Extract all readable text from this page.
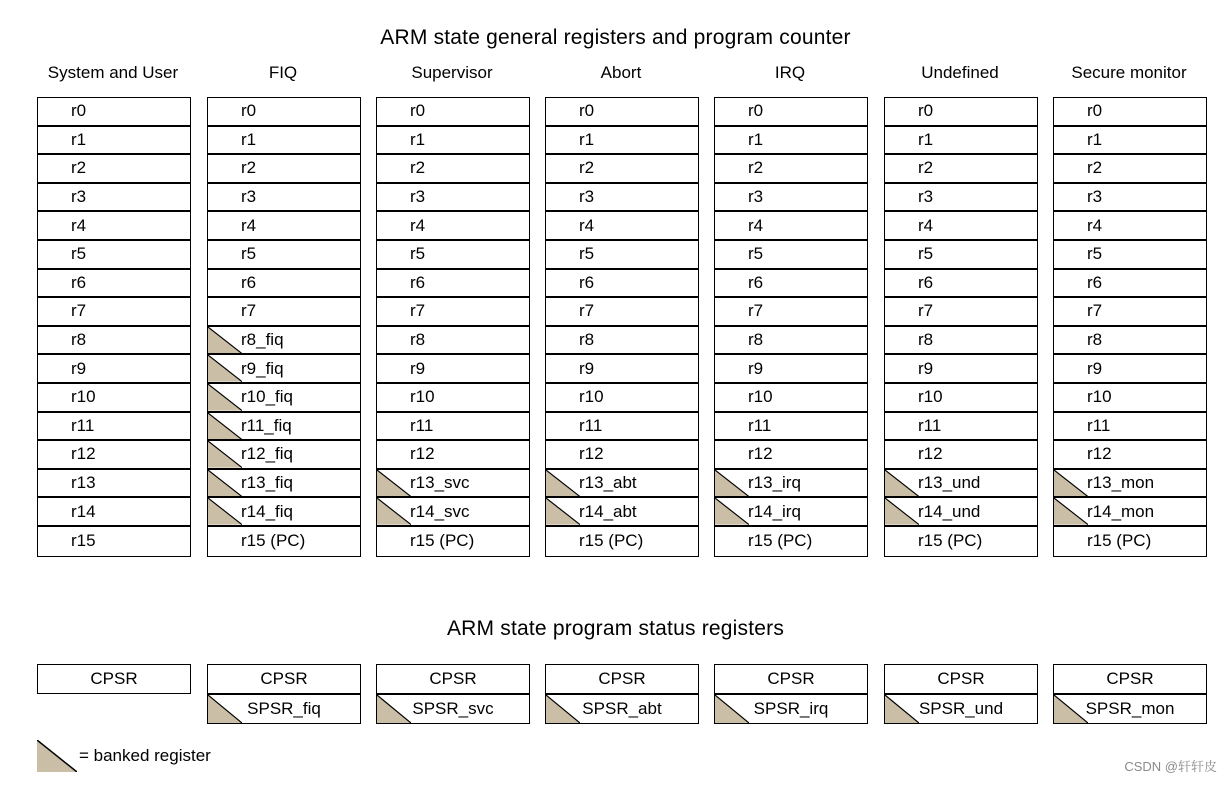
ARM state general registers and program counter
System and User
r0
r1
r2
r3
r4
r5
r6
r7
r8
r9
r10
r11
r12
r13
r14
r15
FIQ
r0
r1
r2
r3
r4
r5
r6
r7
r8_fiq
r9_fiq
r10_fiq
r11_fiq
r12_fiq
r13_fiq
r14_fiq
r15 (PC)
Supervisor
r0
r1
r2
r3
r4
r5
r6
r7
r8
r9
r10
r11
r12
r13_svc
r14_svc
r15 (PC)
Abort
r0
r1
r2
r3
r4
r5
r6
r7
r8
r9
r10
r11
r12
r13_abt
r14_abt
r15 (PC)
IRQ
r0
r1
r2
r3
r4
r5
r6
r7
r8
r9
r10
r11
r12
r13_irq
r14_irq
r15 (PC)
Undefined
r0
r1
r2
r3
r4
r5
r6
r7
r8
r9
r10
r11
r12
r13_und
r14_und
r15 (PC)
Secure monitor
r0
r1
r2
r3
r4
r5
r6
r7
r8
r9
r10
r11
r12
r13_mon
r14_mon
r15 (PC)
ARM state program status registers
CPSR	CPSR
SPSR_fiq
CPSR
SPSR_svc
CPSR
SPSR_abt
CPSR
SPSR_irq
CPSR
SPSR_und
CPSR
SPSR_mon
= banked register
CSDN @轩轩皮
